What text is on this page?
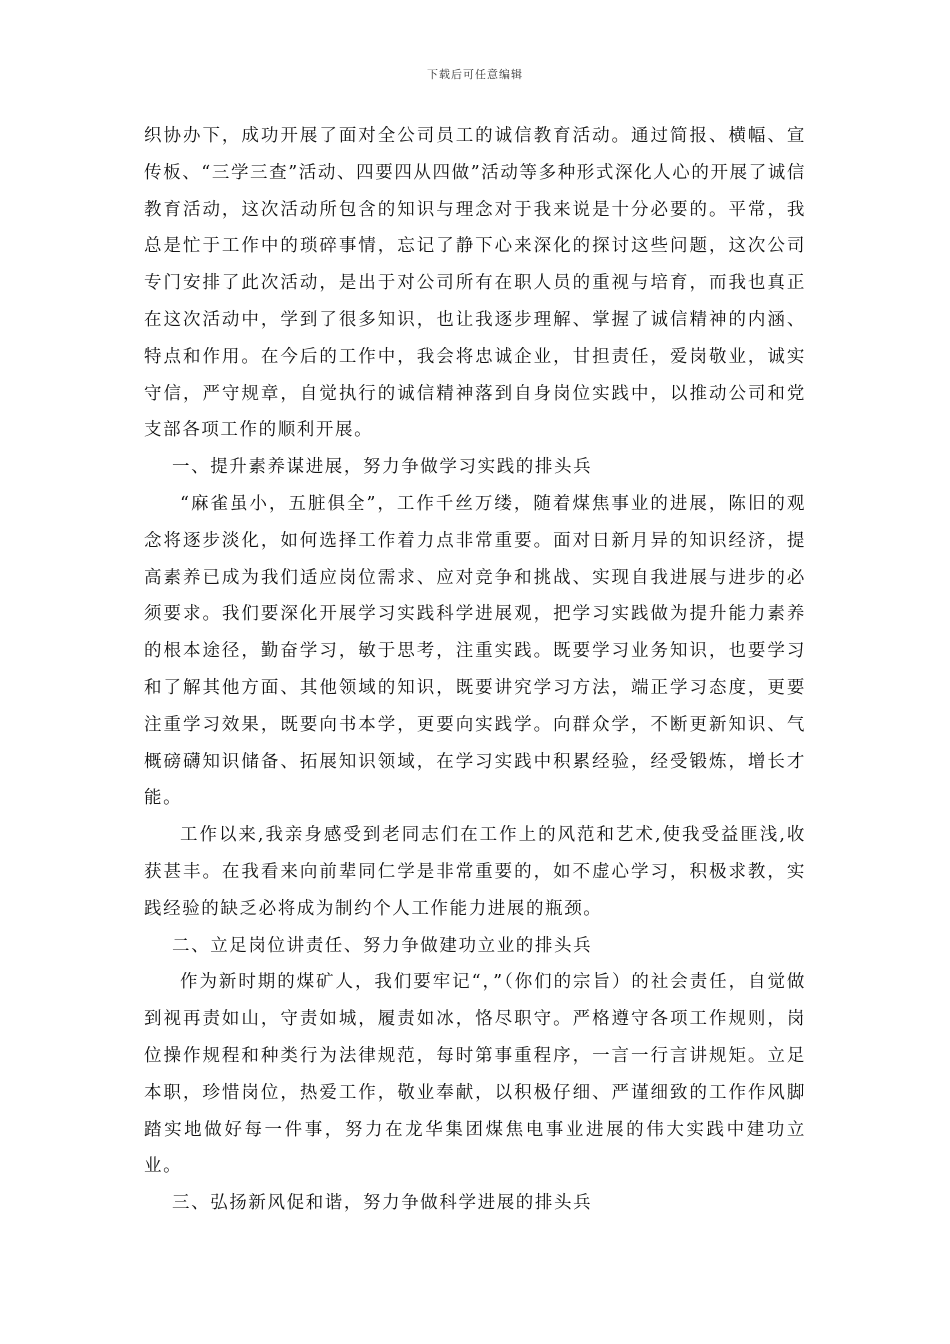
下载后可任意编辑

织协办下，成功开展了面对全公司员工的诚信教育活动。通过简报、横幅、宣传板、“三学三查”活动、四要四从四做”活动等多种形式深化人心的开展了诚信教育活动，这次活动所包含的知识与理念对于我来说是十分必要的。平常，我总是忙于工作中的琐碎事情，忘记了静下心来深化的探讨这些问题，这次公司专门安排了此次活动，是出于对公司所有在职人员的重视与培育，而我也真正在这次活动中，学到了很多知识，也让我逐步理解、掌握了诚信精神的内涵、特点和作用。在今后的工作中，我会将忠诚企业，甘担责任，爱岗敬业，诚实守信，严守规章，自觉执行的诚信精神落到自身岗位实践中，以推动公司和党支部各项工作的顺利开展。

一、提升素养谋进展，努力争做学习实践的排头兵

“麻雀虽小，五脏俱全”，工作千丝万缕，随着煤焦事业的进展，陈旧的观念将逐步淡化，如何选择工作着力点非常重要。面对日新月异的知识经济，提高素养已成为我们适应岗位需求、应对竞争和挑战、实现自我进展与进步的必须要求。我们要深化开展学习实践科学进展观，把学习实践做为提升能力素养的根本途径，勤奋学习，敏于思考，注重实践。既要学习业务知识，也要学习和了解其他方面、其他领域的知识，既要讲究学习方法，端正学习态度，更要注重学习效果，既要向书本学，更要向实践学。向群众学，不断更新知识、气概磅礴知识储备、拓展知识领域，在学习实践中积累经验，经受锻炼，增长才能。

工作以来,我亲身感受到老同志们在工作上的风范和艺术,使我受益匪浅,收获甚丰。在我看来向前辈同仁学是非常重要的，如不虚心学习，积极求教，实践经验的缺乏必将成为制约个人工作能力进展的瓶颈。

二、立足岗位讲责任、努力争做建功立业的排头兵

作为新时期的煤矿人，我们要牢记“，”（你们的宗旨）的社会责任，自觉做到视再责如山，守责如城，履责如冰，恪尽职守。严格遵守各项工作规则，岗位操作规程和种类行为法律规范，每时第事重程序，一言一行言讲规矩。立足本职，珍惜岗位，热爱工作，敬业奉献，以积极仔细、严谨细致的工作作风脚踏实地做好每一件事，努力在龙华集团煤焦电事业进展的伟大实践中建功立业。

三、弘扬新风促和谐，努力争做科学进展的排头兵
